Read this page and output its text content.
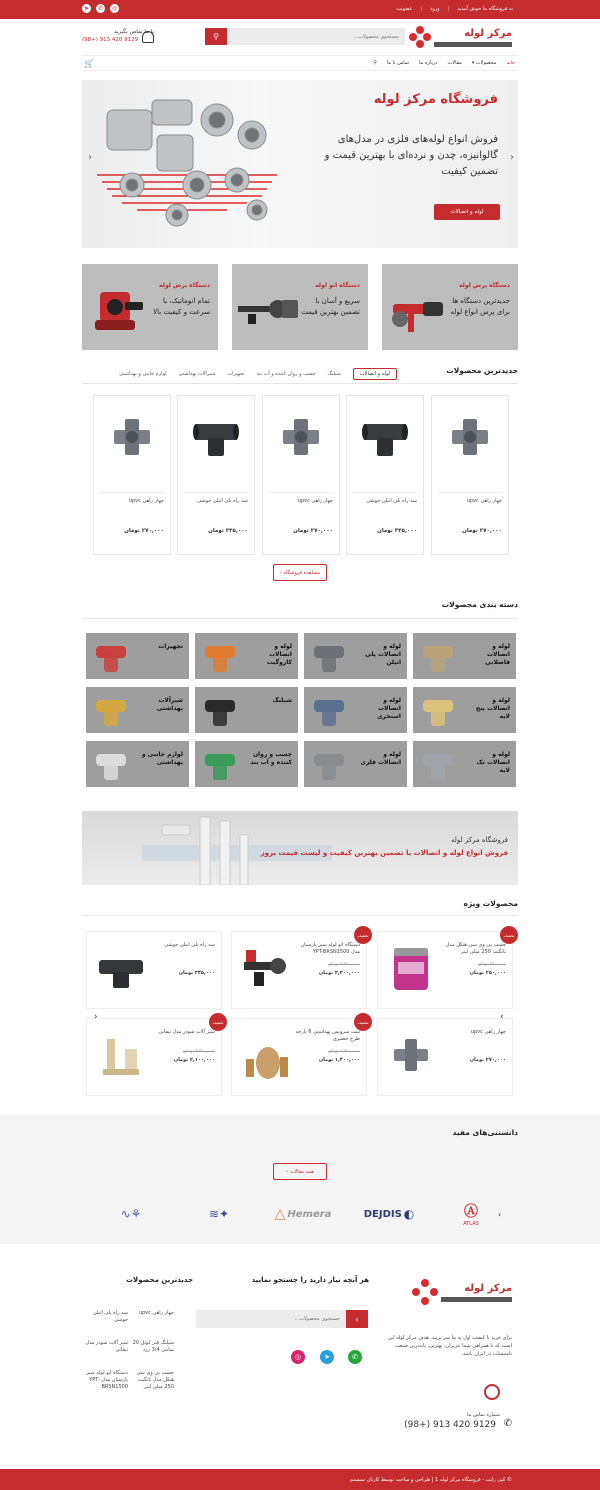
به فروشگاه ما خوش آمدید
|
ورود
|
عضویت
◎
✆
➤
مرکز لوله
جستجوی محصولات...
⚲
با ما تماس بگیرید
(98+) 913 420 9129
خانه
محصولات ▾
مقالات
درباره ما
تماس با ما
⚲
🛒
فروشگاه مرکز لوله
فروش انواع لوله‌های فلزی در مدل‌های گالوانیزه، چدن و نردەای با بهترین قیمت و تضمین کیفیت
لوله و اتصالات
‹
‹
دستگاه پرس لوله
جدیدترین دستگاه ها برای پرس انواع لوله
دستگاه اتو لوله
سریع و آسان با تضمین بهترین قیمت
دستگاه برش لوله
تمام اتوماتیک، با سرعت و کیفیت بالا
جدیدترین محصولات
لوله و اتصالات
شیلنگ
چسب و روان کننده و آب بند
تجهیزات
شیرآلات بهداشتی
لوازم جانبی و بهداشتی
چهار راهی upvc
۲۷۰,۰۰۰ تومان
سه راه پلی اتیلن جوشی
۳۴۵,۰۰۰ تومان
چهار راهی upvc
۲۷۰,۰۰۰ تومان
سه راه پلی اتیلن جوشی
۳۴۵,۰۰۰ تومان
چهار راهی upvc
۲۷۰,۰۰۰ تومان
مشاهده فروشگاه
‹
دسته بندی محصولات
لوله و اتصالات فاضلابی
لوله و اتصالات پلی اتیلن
لوله و اتصالات کاروگیت
تجهیزات
لوله و اتصالات پنج لایه
لوله و اتصالات استخری
شیلنگ
شیرآلات بهداشتی
لوله و اتصالات تک لایه
لوله و اتصالات فلزی
چسب و روان کننده و آب بند
لوازم جانبی و بهداشتی
فروشگاه مرکز لوله
فروش انواع لوله و اتصالات با تضمین بهترین کیفیت و لیست قیمت بروز
محصولات ویژه
تخفیف
چسب پی وی سی هنکل مدل تانگیت 250 میلی لیتر
۲۸۰,۰۰۰ تومان
۲۵۰,۰۰۰ تومان
تخفیف
دستگاه اتو لوله سبز پارسیان مدل YPT-BRSN1500
۳,۵۰۰,۰۰۰ تومان
۳,۲۰۰,۰۰۰ تومان
سه راه پلی اتیلن جوشی
۳۴۵,۰۰۰ تومان
چهار راهی upvc
۲۷۰,۰۰۰ تومان
تخفیف
ست سرویس بهداشتی 6 پارچه طرح حصیری
۱,۶۰۰,۰۰۰ تومان
۱,۴۰۰,۰۰۰ تومان
تخفیف
شیر آلات شودر مدل تیفانی
۲,۳۰۰,۰۰۰ تومان
۲,۱۰۰,۰۰۰ تومان
‹	›
دانستنی‌های مفید
همه مقالات
‹
›
Ⓐ
ATLAS
◐
DEJDIS
Hemera
△
✦≋
⚘∿
مرکز لوله
برای خرید با کیفیت اول به ما سر بزنید. هدف مرکز لوله این است که با همراهی شما عزیزان، بهترین، پایه‌ترین صنعت تاسیسات در ایران باشد.
شماره تماس ما
(98+) 913 420 9129 ✆
هر آنچه نیاز دارید را جستجو نمایید
جستجوی محصولات...
›
✆
➤
◎
جدیدترین محصولات
چهار راهی upvc
سه راه پلی اتیلن جوشی
شیلنگ فنر کوئل 20 سانتی 3/4 زرد
شیر آلات شودر مدل تیفانی
چسب پی وی سی هنکل مدل تانگیت 250 میلی لیتر
دستگاه اتو لوله سبز پارسیان مدل YPT-BRSN1500
© کپی رایت - فروشگاه مرکز لوله 1 | طراحی و ساخت توسط کارتان سیستم
